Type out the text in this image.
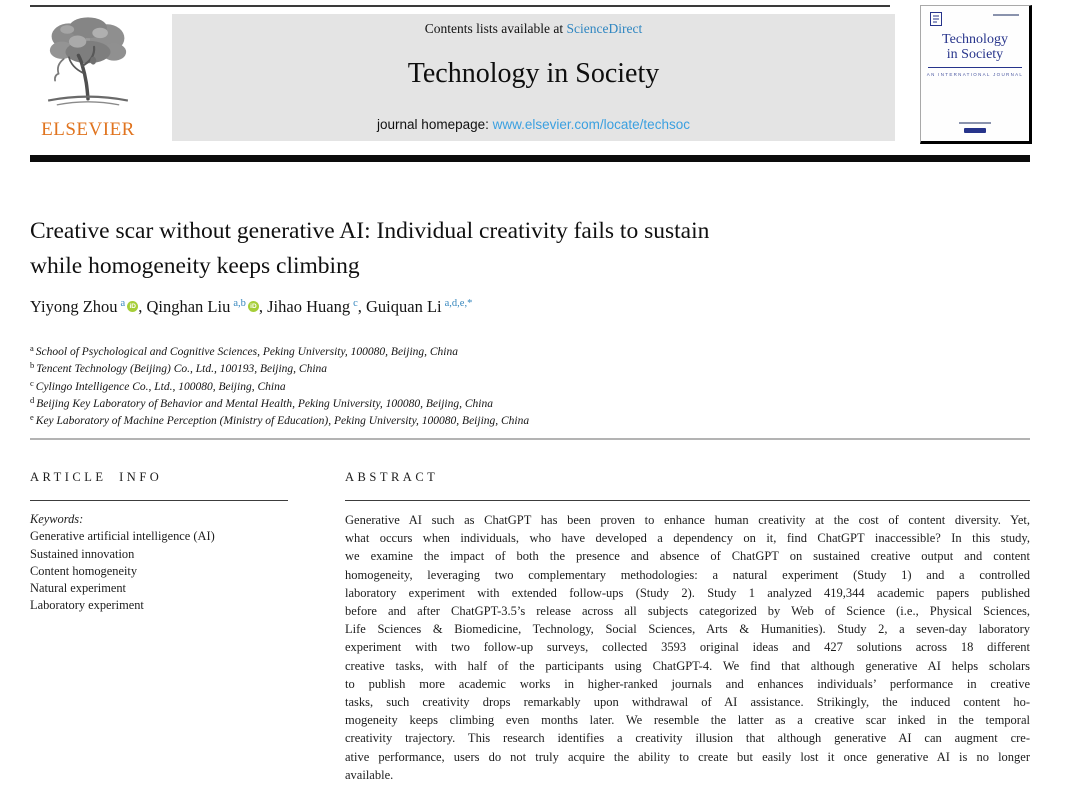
ELSEVIER
Contents lists available at ScienceDirect
Technology in Society
journal homepage: www.elsevier.com/locate/techsoc
Technology
in Society
AN INTERNATIONAL JOURNAL
Creative scar without generative AI: Individual creativity fails to sustain
while homogeneity keeps climbing
Yiyong Zhou $^a$ iD , Qinghan Liu $^{a,b}$ iD , Jihao Huang $^c$, Guiquan Li $^{a,d,e,*}$
$^a$ School of Psychological and Cognitive Sciences, Peking University, 100080, Beijing, China
$^b$ Tencent Technology (Beijing) Co., Ltd., 100193, Beijing, China
$^c$ Cylingo Intelligence Co., Ltd., 100080, Beijing, China
$^d$ Beijing Key Laboratory of Behavior and Mental Health, Peking University, 100080, Beijing, China
$^e$ Key Laboratory of Machine Perception (Ministry of Education), Peking University, 100080, Beijing, China
ARTICLE INFO
Keywords:
Generative artificial intelligence (AI)
Sustained innovation
Content homogeneity
Natural experiment
Laboratory experiment
ABSTRACT
Generative AI such as ChatGPT has been proven to enhance human creativity at the cost of content diversity. Yet,
what occurs when individuals, who have developed a dependency on it, find ChatGPT inaccessible? In this study,
we examine the impact of both the presence and absence of ChatGPT on sustained creative output and content
homogeneity, leveraging two complementary methodologies: a natural experiment (Study 1) and a controlled
laboratory experiment with extended follow-ups (Study 2). Study 1 analyzed 419,344 academic papers published
before and after ChatGPT-3.5’s release across all subjects categorized by Web of Science (i.e., Physical Sciences,
Life Sciences & Biomedicine, Technology, Social Sciences, Arts & Humanities). Study 2, a seven-day laboratory
experiment with two follow-up surveys, collected 3593 original ideas and 427 solutions across 18 different
creative tasks, with half of the participants using ChatGPT-4. We find that although generative AI helps scholars
to publish more academic works in higher-ranked journals and enhances individuals’ performance in creative
tasks, such creativity drops remarkably upon withdrawal of AI assistance. Strikingly, the induced content ho-
mogeneity keeps climbing even months later. We resemble the latter as a creative scar inked in the temporal
creativity trajectory. This research identifies a creativity illusion that although generative AI can augment cre-
ative performance, users do not truly acquire the ability to create but easily lost it once generative AI is no longer
available.
